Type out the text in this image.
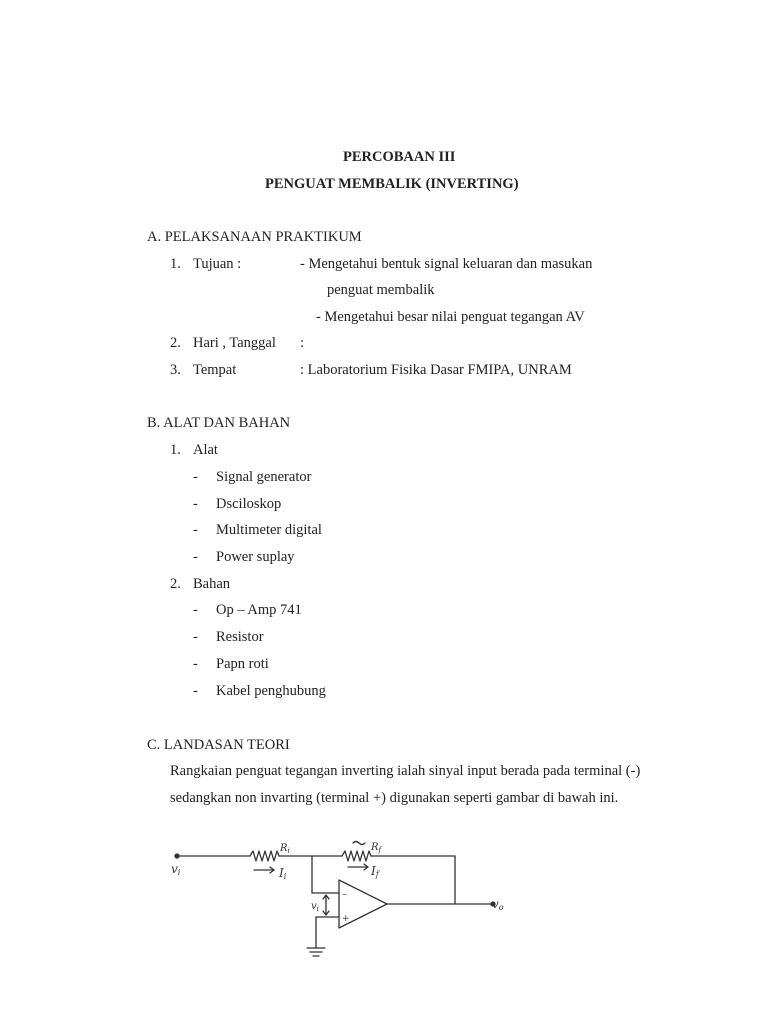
PERCOBAAN III
PENGUAT MEMBALIK (INVERTING)
A. PELAKSANAAN PRAKTIKUM
1. Tujuan :	- Mengetahui bentuk signal keluaran dan masukan
penguat membalik
- Mengetahui besar nilai penguat tegangan AV
2. Hari , Tanggal :
3. Tempat	: Laboratorium Fisika Dasar FMIPA, UNRAM
B. ALAT DAN BAHAN
1. Alat
- Signal generator
- Dsciloskop
- Multimeter digital
- Power suplay
2. Bahan
- Op – Amp 741
- Resistor
- Papn roti
- Kabel penghubung
C. LANDASAN TEORI
Rangkaian penguat tegangan inverting ialah sinyal input berada pada terminal (-) sedangkan non invarting (terminal +) digunakan seperti gambar di bawah ini.
vi
$R_i$
Ii
$R_f$
If
$v_i$
–
+
vo
